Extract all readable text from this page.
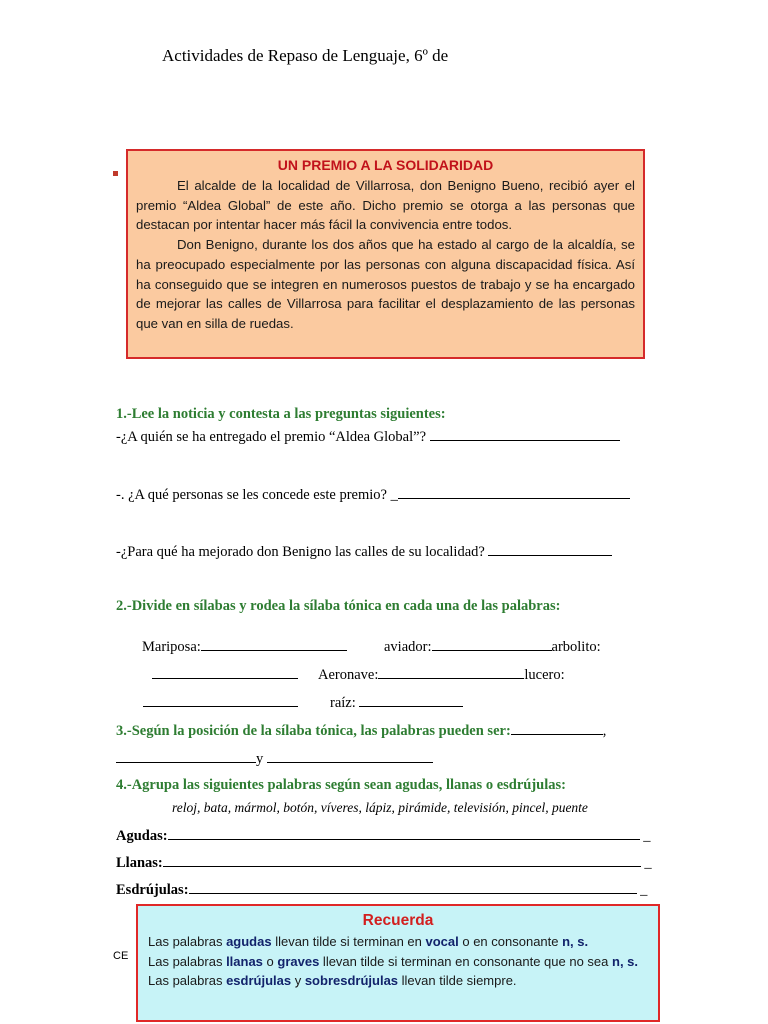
Actividades de Repaso de Lenguaje, 6º de
UN PREMIO A LA SOLIDARIDAD

El alcalde de la localidad de Villarrosa, don Benigno Bueno, recibió ayer el premio “Aldea Global” de este año. Dicho premio se otorga a las personas que destacan por intentar hacer más fácil la convivencia entre todos.

Don Benigno, durante los dos años que ha estado al cargo de la alcaldía, se ha preocupado especialmente por las personas con alguna discapacidad física. Así ha conseguido que se integren en numerosos puestos de trabajo y se ha encargado de mejorar las calles de Villarrosa para facilitar el desplazamiento de las personas que van en silla de ruedas.

1.-Lee la noticia y contesta a las preguntas siguientes:
-¿A quién se ha entregado el premio “Aldea Global”?
-. ¿A qué personas se les concede este premio? _
-¿Para qué ha mejorado don Benigno las calles de su localidad?
2.-Divide en sílabas y rodea la sílaba tónica en cada una de las palabras:
Mariposa:	aviador:	arbolito:
Aeronave:	lucero:
raíz:
3.-Según la posición de la sílaba tónica, las palabras pueden ser:	,
y
4.-Agrupa las siguientes palabras según sean agudas, llanas o esdrújulas:
reloj, bata, mármol, botón, víveres, lápiz, pirámide, televisión, pincel, puente
Agudas:	_
Llanas:	_
Esdrújulas:	_
CE
Recuerda

Las palabras agudas llevan tilde si terminan en vocal o en consonante n, s.

Las palabras llanas o graves llevan tilde si terminan en consonante que no sea n, s.

Las palabras esdrújulas y sobresdrújulas llevan tilde siempre.
